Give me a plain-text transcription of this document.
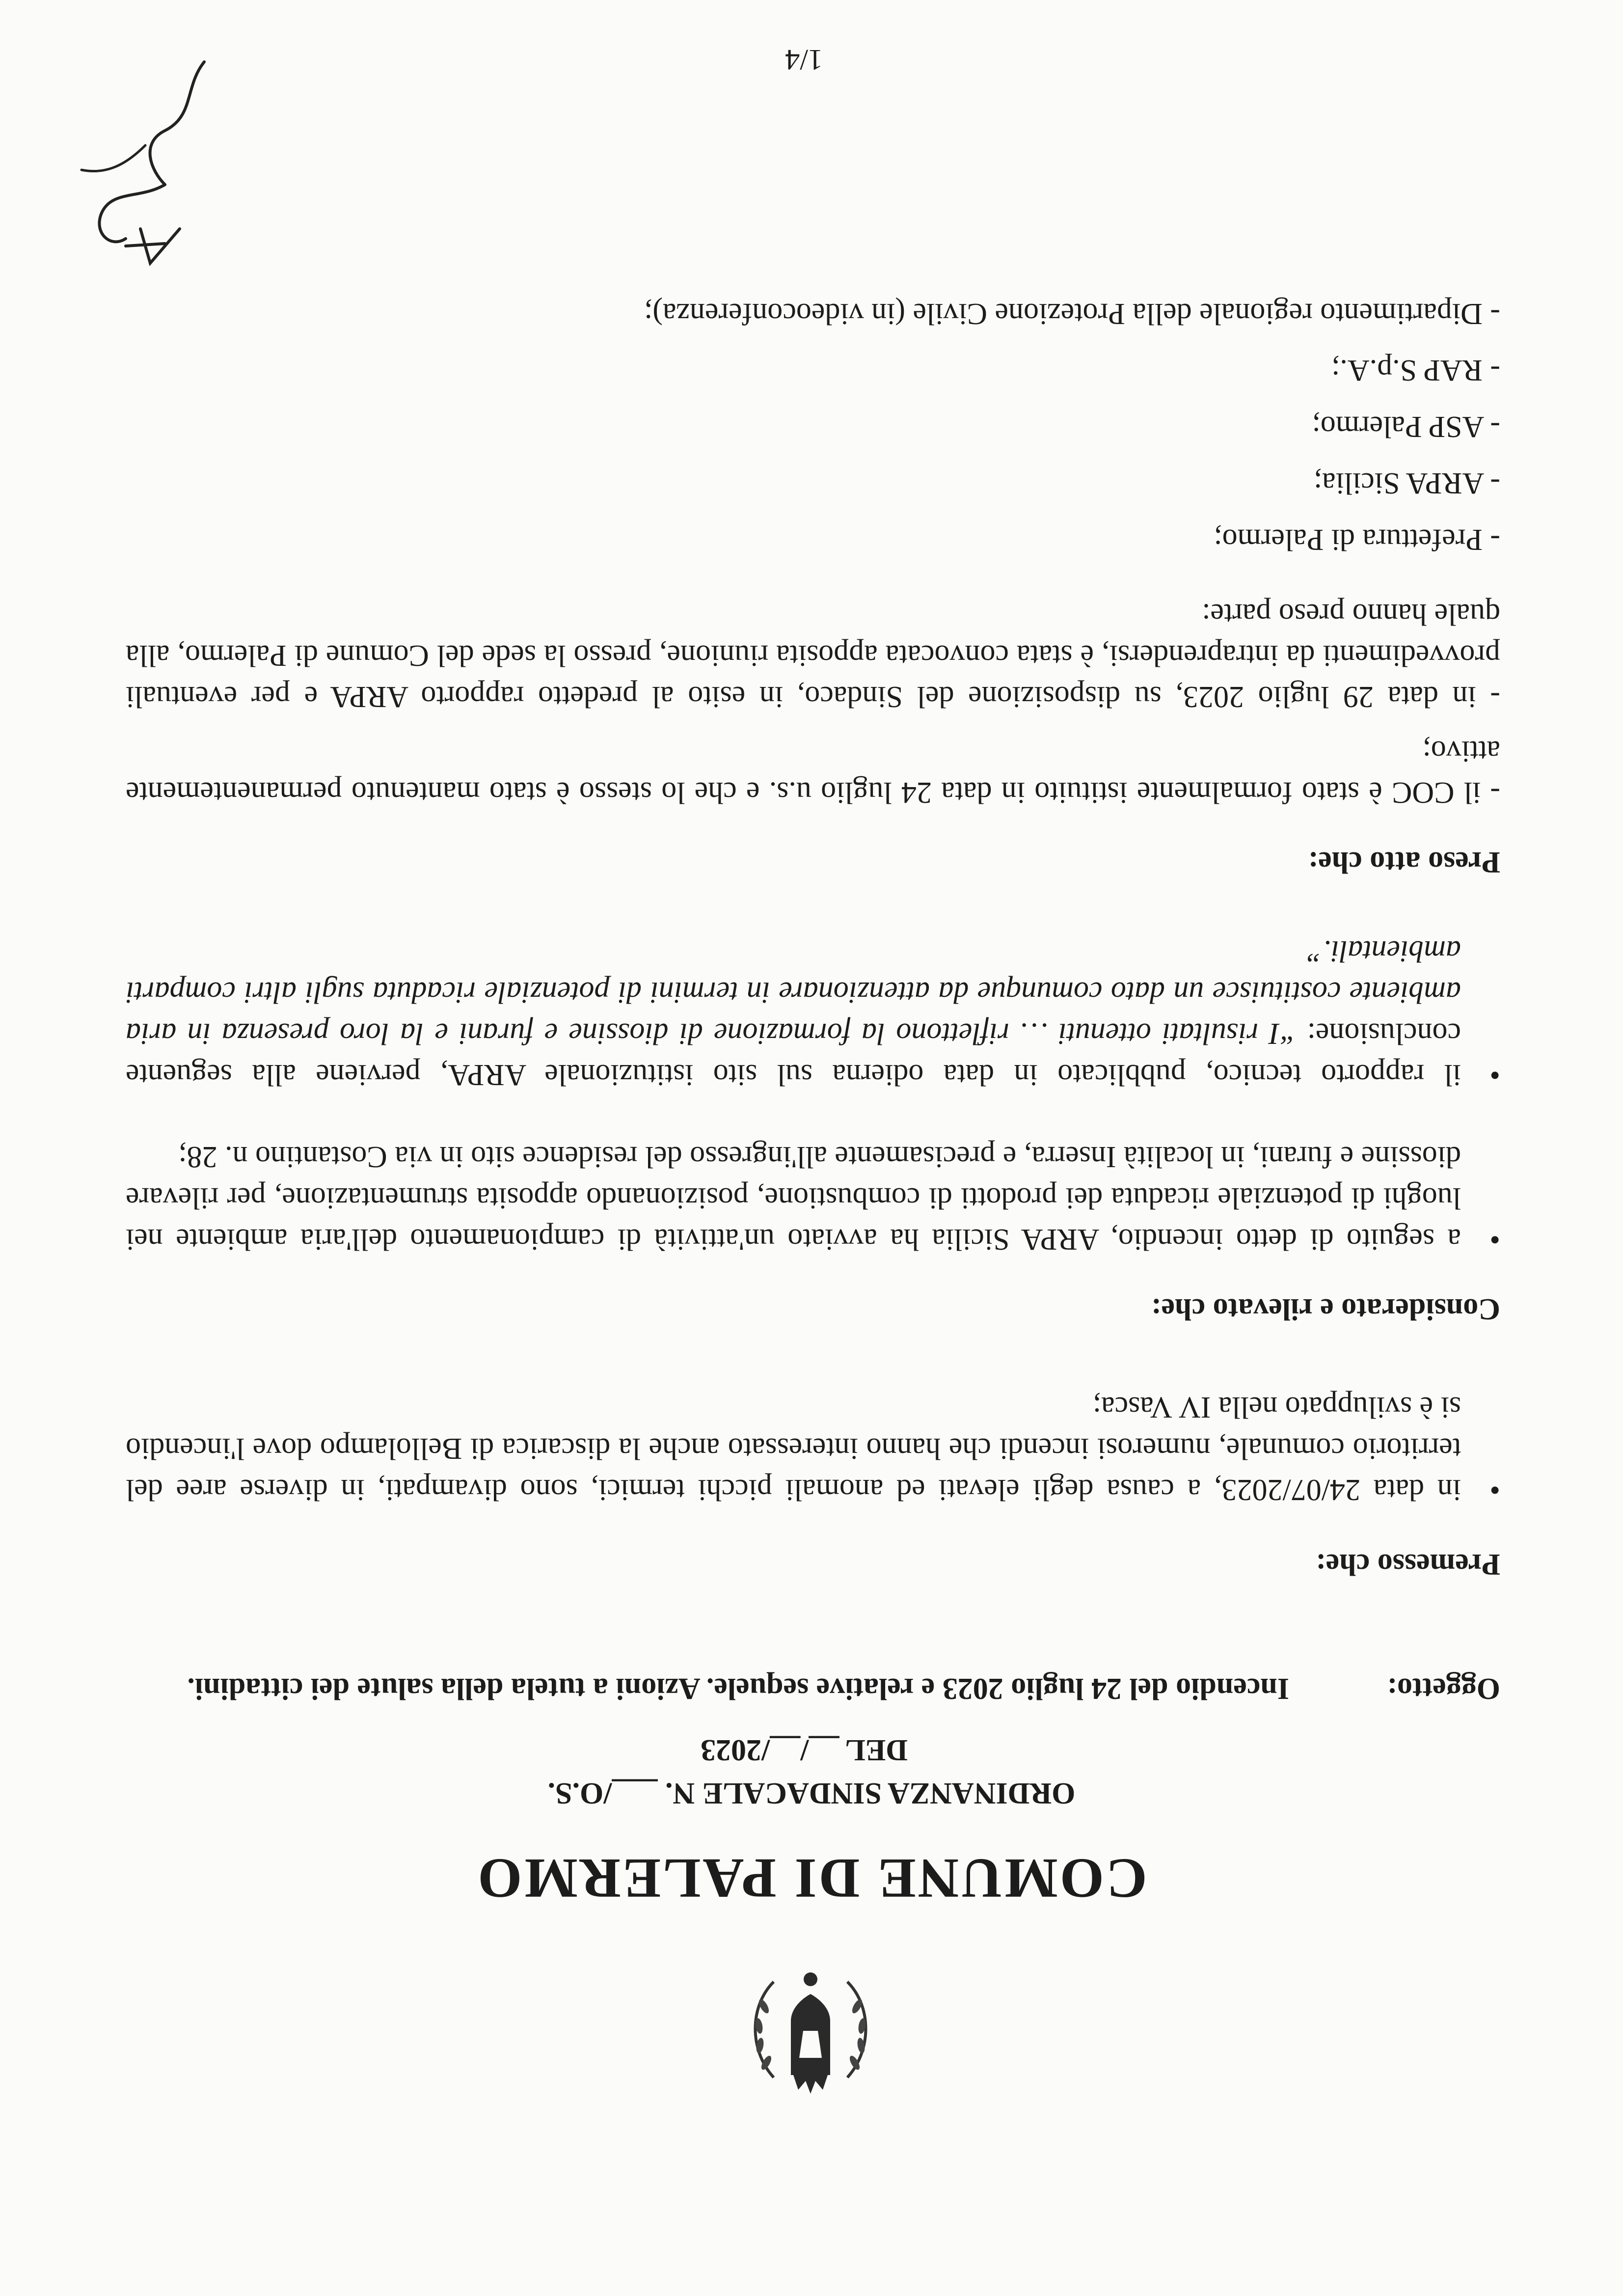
COMUNE DI PALERMO
ORDINANZA SINDACALE N. ___/O.S.
DEL __/__/2023
Oggetto:
Incendio del 24 luglio 2023 e relative sequele. Azioni a tutela della salute dei cittadini.
Premesso che:
•
in data 24/07/2023, a causa degli elevati ed anomali picchi termici, sono divampati, in diverse aree del territorio comunale, numerosi incendi che hanno interessato anche la discarica di Bellolampo dove l'incendio si è sviluppato nella IV Vasca;
Considerato e rilevato che:
•
a seguito di detto incendio, ARPA Sicilia ha avviato un'attività di campionamento dell'aria ambiente nei luoghi di potenziale ricaduta dei prodotti di combustione, posizionando apposita strumentazione, per rilevare diossine e furani, in località Inserra, e precisamente all'ingresso del residence sito in via Costantino n. 28;
•
il rapporto tecnico, pubblicato in data odierna sul sito istituzionale ARPA, perviene alla seguente conclusione: “I risultati ottenuti … riflettono la formazione di diossine e furani e la loro presenza in aria ambiente costituisce un dato comunque da attenzionare in termini di potenziale ricaduta sugli altri comparti ambientali.”
Preso atto che:
- il COC è stato formalmente istituito in data 24 luglio u.s. e che lo stesso è stato mantenuto permanentemente attivo;
- in data 29 luglio 2023, su disposizione del Sindaco, in esito al predetto rapporto ARPA e per eventuali provvedimenti da intraprendersi, è stata convocata apposita riunione, presso la sede del Comune di Palermo, alla quale hanno preso parte:
- Prefettura di Palermo;
- ARPA Sicilia;
- ASP Palermo;
- RAP S.p.A.;
- Dipartimento regionale della Protezione Civile (in videoconferenza);
1/4
